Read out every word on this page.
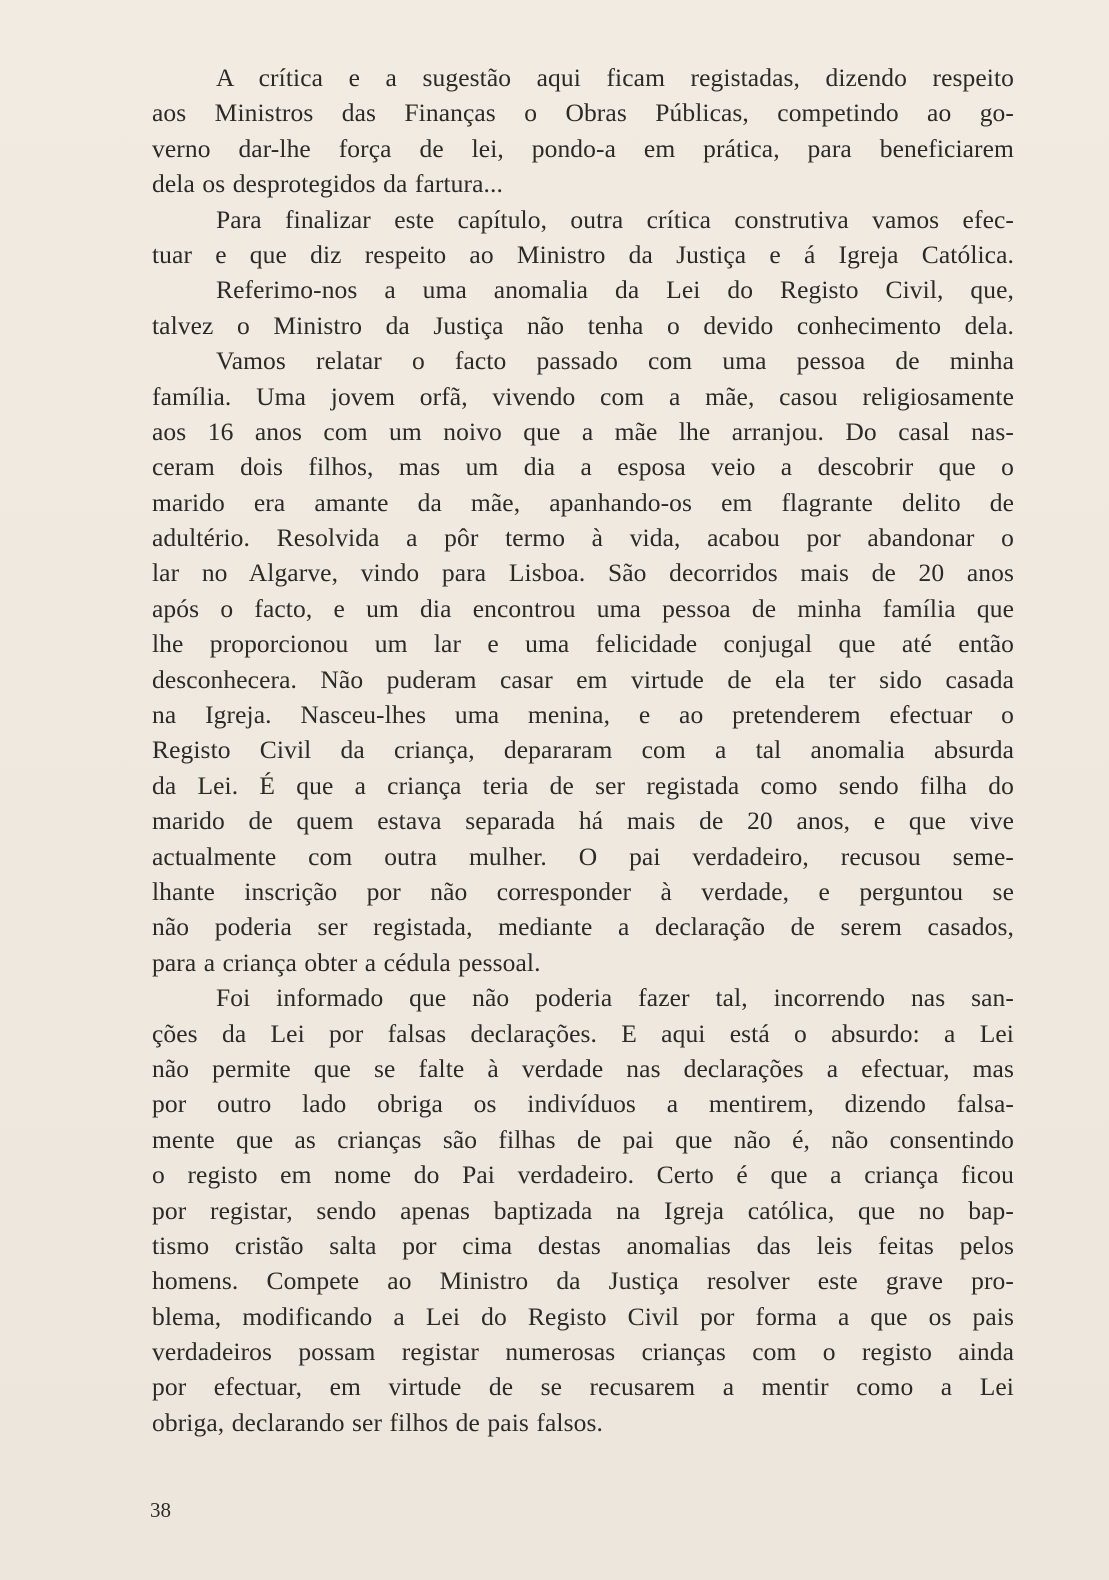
A crítica e a sugestão aqui ficam registadas, dizendo respeito
aos Ministros das Finanças o Obras Públicas, competindo ao go-
verno dar-lhe força de lei, pondo-a em prática, para beneficiarem
dela os desprotegidos da fartura...
Para finalizar este capítulo, outra crítica construtiva vamos efec-
tuar e que diz respeito ao Ministro da Justiça e á Igreja Católica.
Referimo-nos a uma anomalia da Lei do Registo Civil, que,
talvez o Ministro da Justiça não tenha o devido conhecimento dela.
Vamos relatar o facto passado com uma pessoa de minha
família. Uma jovem orfã, vivendo com a mãe, casou religiosamente
aos 16 anos com um noivo que a mãe lhe arranjou. Do casal nas-
ceram dois filhos, mas um dia a esposa veio a descobrir que o
marido era amante da mãe, apanhando-os em flagrante delito de
adultério. Resolvida a pôr termo à vida, acabou por abandonar o
lar no Algarve, vindo para Lisboa. São decorridos mais de 20 anos
após o facto, e um dia encontrou uma pessoa de minha família que
lhe proporcionou um lar e uma felicidade conjugal que até então
desconhecera. Não puderam casar em virtude de ela ter sido casada
na Igreja. Nasceu-lhes uma menina, e ao pretenderem efectuar o
Registo Civil da criança, depararam com a tal anomalia absurda
da Lei. É que a criança teria de ser registada como sendo filha do
marido de quem estava separada há mais de 20 anos, e que vive
actualmente com outra mulher. O pai verdadeiro, recusou seme-
lhante inscrição por não corresponder à verdade, e perguntou se
não poderia ser registada, mediante a declaração de serem casados,
para a criança obter a cédula pessoal.
Foi informado que não poderia fazer tal, incorrendo nas san-
ções da Lei por falsas declarações. E aqui está o absurdo: a Lei
não permite que se falte à verdade nas declarações a efectuar, mas
por outro lado obriga os indivíduos a mentirem, dizendo falsa-
mente que as crianças são filhas de pai que não é, não consentindo
o registo em nome do Pai verdadeiro. Certo é que a criança ficou
por registar, sendo apenas baptizada na Igreja católica, que no bap-
tismo cristão salta por cima destas anomalias das leis feitas pelos
homens. Compete ao Ministro da Justiça resolver este grave pro-
blema, modificando a Lei do Registo Civil por forma a que os pais
verdadeiros possam registar numerosas crianças com o registo ainda
por efectuar, em virtude de se recusarem a mentir como a Lei
obriga, declarando ser filhos de pais falsos.
38
